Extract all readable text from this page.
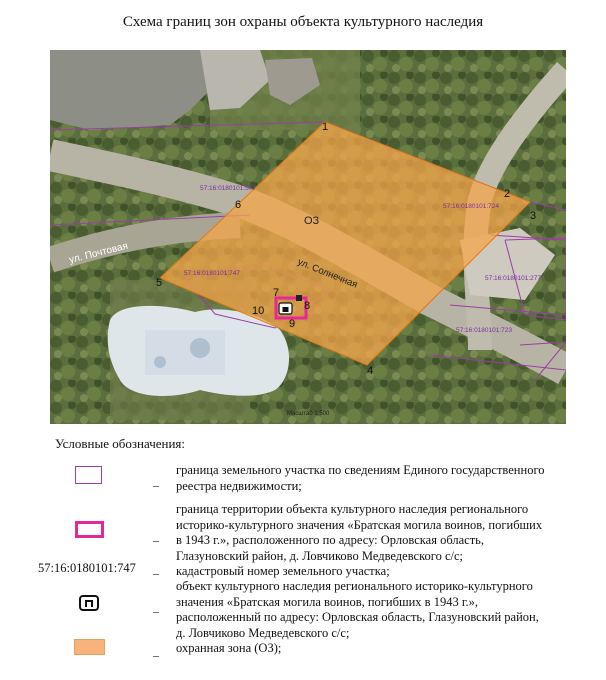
Схема границ зон охраны объекта культурного наследия
ОЗ
57:16:0180101:507
57:16:0180101:724
57:16:0180101:747
57:16:0180101:277
57:16:0180101:723
ул. Почтовая
ул. Солнечная
Масштаб 1:500
1
2
3
4
5
6
7
8
9
10
Условные обозначения:
57:16:0180101:747
_
_
_
_
_
граница земельного участка по сведениям Единого государственного
реестра недвижимости;
граница территории объекта культурного наследия регионального
историко-культурного значения «Братская могила воинов, погибших
в 1943 г.», расположенного по адресу: Орловская область,
Глазуновский район, д. Ловчиково Медведевского с/с;
кадастровый номер земельного участка;
объект культурного наследия регионального историко-культурного
значения «Братская могила воинов, погибших в 1943 г.»,
расположенный по адресу: Орловская область, Глазуновский район,
д. Ловчиково Медведевского с/с;
охранная зона (ОЗ);
